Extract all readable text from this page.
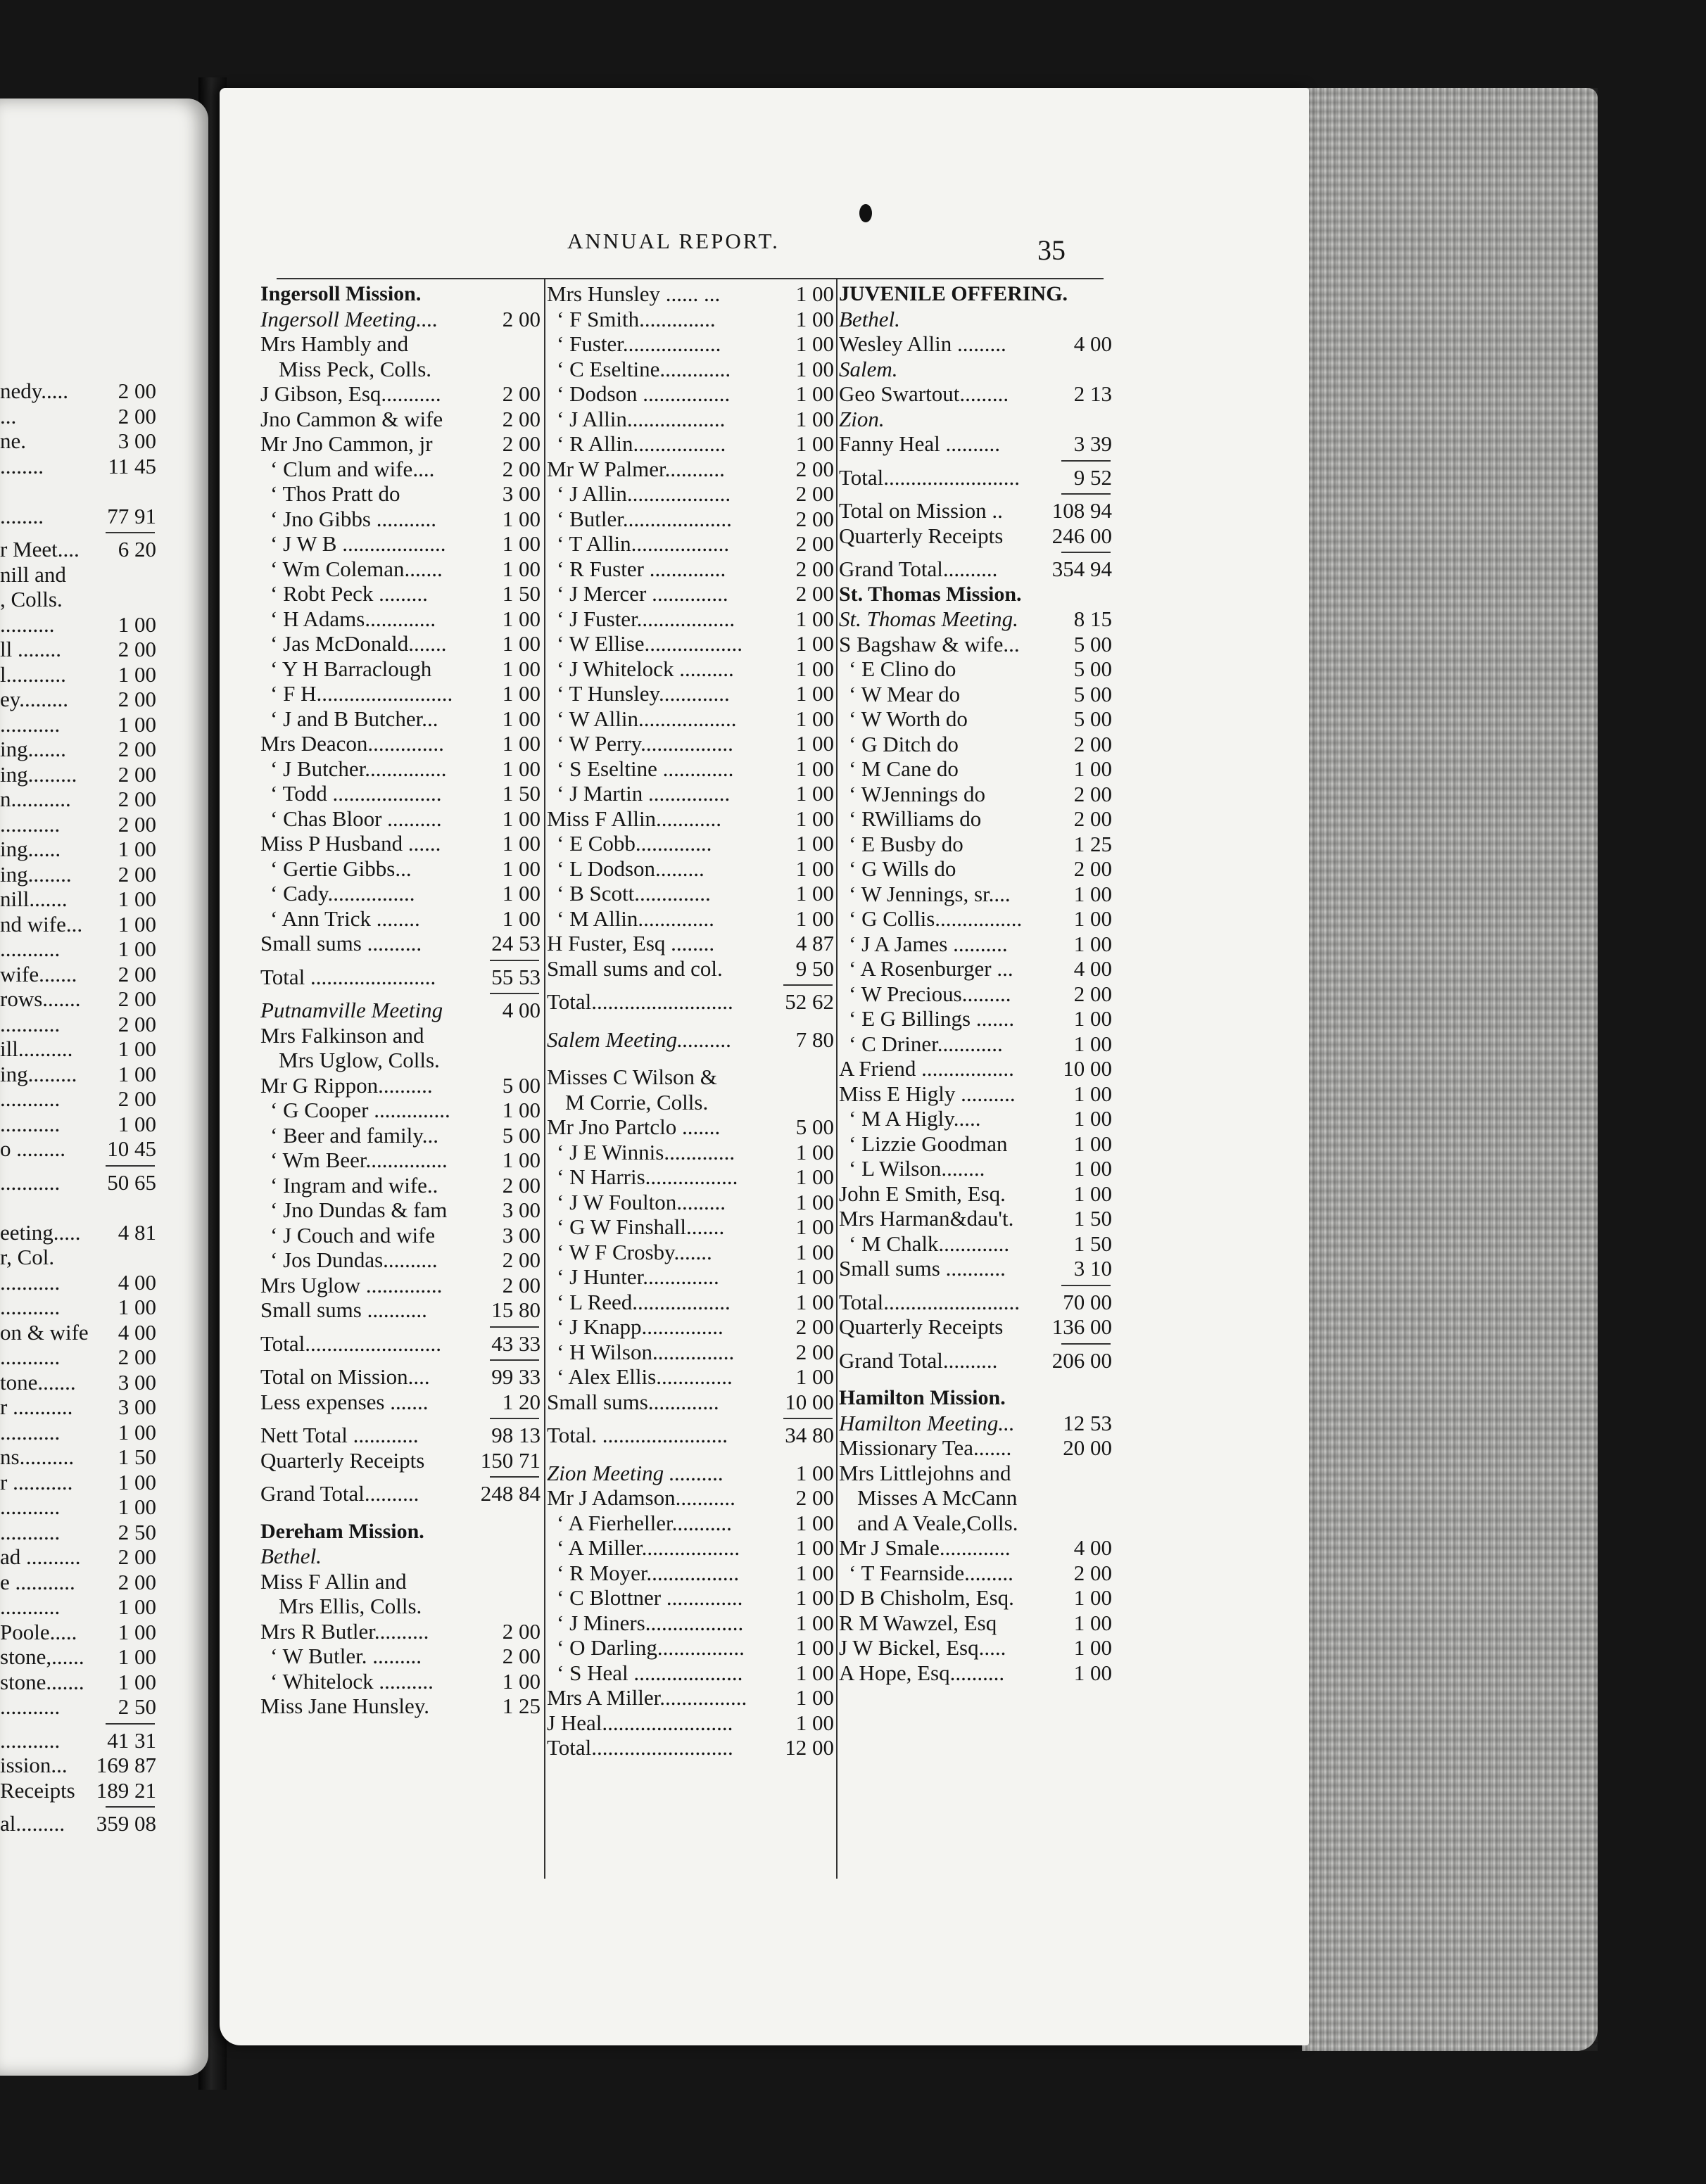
nedy.....	2 00
...	2 00
ne.	3 00
........	11 45
........	77 91
r Meet....	6 20
nill and
, Colls.
..........	1 00
ll ........	2 00
l...........	1 00
ey.........	2 00
...........	1 00
ing.......	2 00
ing.........	2 00
n...........	2 00
...........	2 00
ing......	1 00
ing........	2 00
nill.......	1 00
nd wife...	1 00
...........	1 00
wife.......	2 00
rows.......	2 00
...........	2 00
ill..........	1 00
ing.........	1 00
...........	2 00
...........	1 00
o .........	10 45
...........	50 65
eeting.....	4 81
r, Col.
...........	4 00
...........	1 00
on & wife	4 00
...........	2 00
tone.......	3 00
r ...........	3 00
...........	1 00
ns..........	1 50
r ...........	1 00
...........	1 00
...........	2 50
ad ..........	2 00
e ...........	2 00
...........	1 00
Poole.....	1 00
stone,......	1 00
stone.......	1 00
...........	2 50
...........	41 31
ission...	169 87
Receipts 189 21
al.........	359 08
ANNUAL REPORT.	35
Ingersoll Mission.
Ingersoll Meeting....	2 00
Mrs Hambly and
Miss Peck, Colls.
J Gibson, Esq...........	2 00
Jno Cammon & wife	2 00
Mr Jno Cammon, jr	2 00
‘ Clum and wife....	2 00
‘ Thos Pratt do	3 00
‘ Jno Gibbs ...........	1 00
‘ J W B ...................	1 00
‘ Wm Coleman.......	1 00
‘ Robt Peck .........	1 50
‘ H Adams.............	1 00
‘ Jas McDonald.......	1 00
‘ Y H Barraclough	1 00
‘ F H.........................	1 00
‘ J and B Butcher...	1 00
Mrs Deacon..............	1 00
‘ J Butcher...............	1 00
‘ Todd ....................	1 50
‘ Chas Bloor ..........	1 00
Miss P Husband ......	1 00
‘ Gertie Gibbs...	1 00
‘ Cady................	1 00
‘ Ann Trick ........	1 00
Small sums ..........	24 53
Total .......................	55 53
Putnamville Meeting	4 00
Mrs Falkinson and
Mrs Uglow, Colls.
Mr G Rippon..........	5 00
‘ G Cooper ..............	1 00
‘ Beer and family...	5 00
‘ Wm Beer...............	1 00
‘ Ingram and wife..	2 00
‘ Jno Dundas & fam	3 00
‘ J Couch and wife	3 00
‘ Jos Dundas..........	2 00
Mrs Uglow ..............	2 00
Small sums ...........	15 80
Total.........................	43 33
Total on Mission....	99 33
Less expenses .......	1 20
Nett Total ............	98 13
Quarterly Receipts	150 71
Grand Total..........	248 84
Dereham Mission.
Bethel.
Miss F Allin and
Mrs Ellis, Colls.
Mrs R Butler..........	2 00
‘ W Butler. .........	2 00
‘ Whitelock ..........	1 00
Miss Jane Hunsley.	1 25
Mrs Hunsley ...... ...	1 00
‘ F Smith..............	1 00
‘ Fuster..................	1 00
‘ C Eseltine.............	1 00
‘ Dodson ................	1 00
‘ J Allin..................	1 00
‘ R Allin.................	1 00
Mr W Palmer...........	2 00
‘ J Allin...................	2 00
‘ Butler....................	2 00
‘ T Allin..................	2 00
‘ R Fuster ..............	2 00
‘ J Mercer ..............	2 00
‘ J Fuster..................	1 00
‘ W Ellise..................	1 00
‘ J Whitelock ..........	1 00
‘ T Hunsley.............	1 00
‘ W Allin..................	1 00
‘ W Perry.................	1 00
‘ S Eseltine .............	1 00
‘ J Martin ...............	1 00
Miss F Allin............	1 00
‘ E Cobb..............	1 00
‘ L Dodson.........	1 00
‘ B Scott..............	1 00
‘ M Allin..............	1 00
H Fuster, Esq ........	4 87
Small sums and col.	9 50
Total..........................	52 62
Salem Meeting..........	7 80
Misses C Wilson &
M Corrie, Colls.
Mr Jno Partclo .......	5 00
‘ J E Winnis.............	1 00
‘ N Harris.................	1 00
‘ J W Foulton.........	1 00
‘ G W Finshall.......	1 00
‘ W F Crosby.......	1 00
‘ J Hunter..............	1 00
‘ L Reed..................	1 00
‘ J Knapp...............	2 00
‘ H Wilson...............	2 00
‘ Alex Ellis..............	1 00
Small sums.............	10 00
Total. .......................	34 80
Zion Meeting ..........	1 00
Mr J Adamson...........	2 00
‘ A Fierheller...........	1 00
‘ A Miller..................	1 00
‘ R Moyer.................	1 00
‘ C Blottner ..............	1 00
‘ J Miners..................	1 00
‘ O Darling................	1 00
‘ S Heal ....................	1 00
Mrs A Miller................	1 00
J Heal........................	1 00
Total..........................	12 00
JUVENILE OFFERING.
Bethel.
Wesley Allin .........	4 00
Salem.
Geo Swartout.........	2 13
Zion.
Fanny Heal ..........	3 39
Total.........................	9 52
Total on Mission ..	108 94
Quarterly Receipts	246 00
Grand Total..........	354 94
St. Thomas Mission.
St. Thomas Meeting.	8 15
S Bagshaw & wife...	5 00
‘ E Clino do	5 00
‘ W Mear do	5 00
‘ W Worth do	5 00
‘ G Ditch do	2 00
‘ M Cane do	1 00
‘ WJennings do	2 00
‘ RWilliams do	2 00
‘ E Busby do	1 25
‘ G Wills do	2 00
‘ W Jennings, sr....	1 00
‘ G Collis................	1 00
‘ J A James ..........	1 00
‘ A Rosenburger ...	4 00
‘ W Precious.........	2 00
‘ E G Billings .......	1 00
‘ C Driner............	1 00
A Friend .................	10 00
Miss E Higly ..........	1 00
‘ M A Higly.....	1 00
‘ Lizzie Goodman	1 00
‘ L Wilson........	1 00
John E Smith, Esq.	1 00
Mrs Harman&dau't.	1 50
‘ M Chalk.............	1 50
Small sums ...........	3 10
Total.........................	70 00
Quarterly Receipts	136 00
Grand Total..........	206 00
Hamilton Mission.
Hamilton Meeting...	12 53
Missionary Tea.......	20 00
Mrs Littlejohns and
Misses A McCann
and A Veale,Colls.
Mr J Smale.............	4 00
‘ T Fearnside.........	2 00
D B Chisholm, Esq.	1 00
R M Wawzel, Esq	1 00
J W Bickel, Esq.....	1 00
A Hope, Esq..........	1 00
